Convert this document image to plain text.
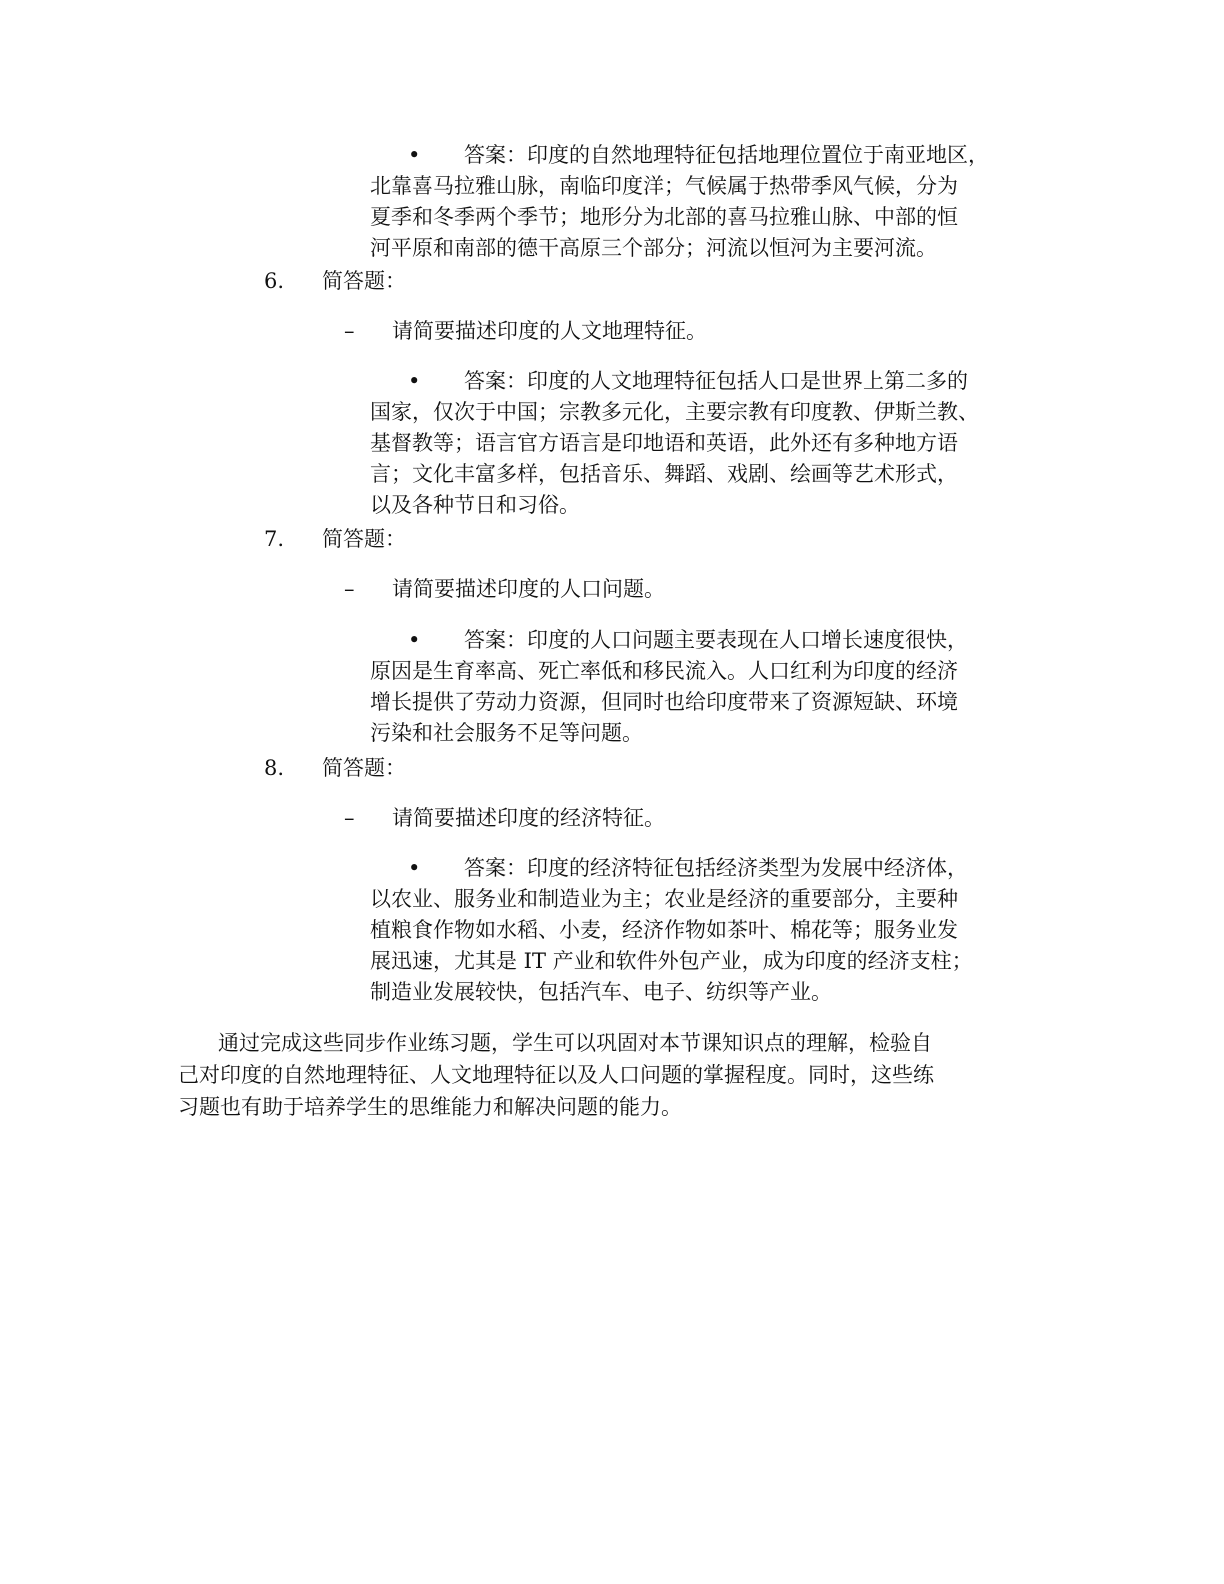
•	答案：印度的自然地理特征包括地理位置位于南亚地区，
北靠喜马拉雅山脉，南临印度洋；气候属于热带季风气候，分为
夏季和冬季两个季节；地形分为北部的喜马拉雅山脉、中部的恒
河平原和南部的德干高原三个部分；河流以恒河为主要河流。
6. 简答题：
– 请简要描述印度的人文地理特征。
•	答案：印度的人文地理特征包括人口是世界上第二多的
国家，仅次于中国；宗教多元化，主要宗教有印度教、伊斯兰教、
基督教等；语言官方语言是印地语和英语，此外还有多种地方语
言；文化丰富多样，包括音乐、舞蹈、戏剧、绘画等艺术形式，
以及各种节日和习俗。
7. 简答题：
– 请简要描述印度的人口问题。
•	答案：印度的人口问题主要表现在人口增长速度很快，
原因是生育率高、死亡率低和移民流入。人口红利为印度的经济
增长提供了劳动力资源，但同时也给印度带来了资源短缺、环境
污染和社会服务不足等问题。
8. 简答题：
– 请简要描述印度的经济特征。
•	答案：印度的经济特征包括经济类型为发展中经济体，
以农业、服务业和制造业为主；农业是经济的重要部分，主要种
植粮食作物如水稻、小麦，经济作物如茶叶、棉花等；服务业发
展迅速，尤其是 IT 产业和软件外包产业，成为印度的经济支柱；
制造业发展较快，包括汽车、电子、纺织等产业。
通过完成这些同步作业练习题，学生可以巩固对本节课知识点的理解，检验自
己对印度的自然地理特征、人文地理特征以及人口问题的掌握程度。同时，这些练
习题也有助于培养学生的思维能力和解决问题的能力。
